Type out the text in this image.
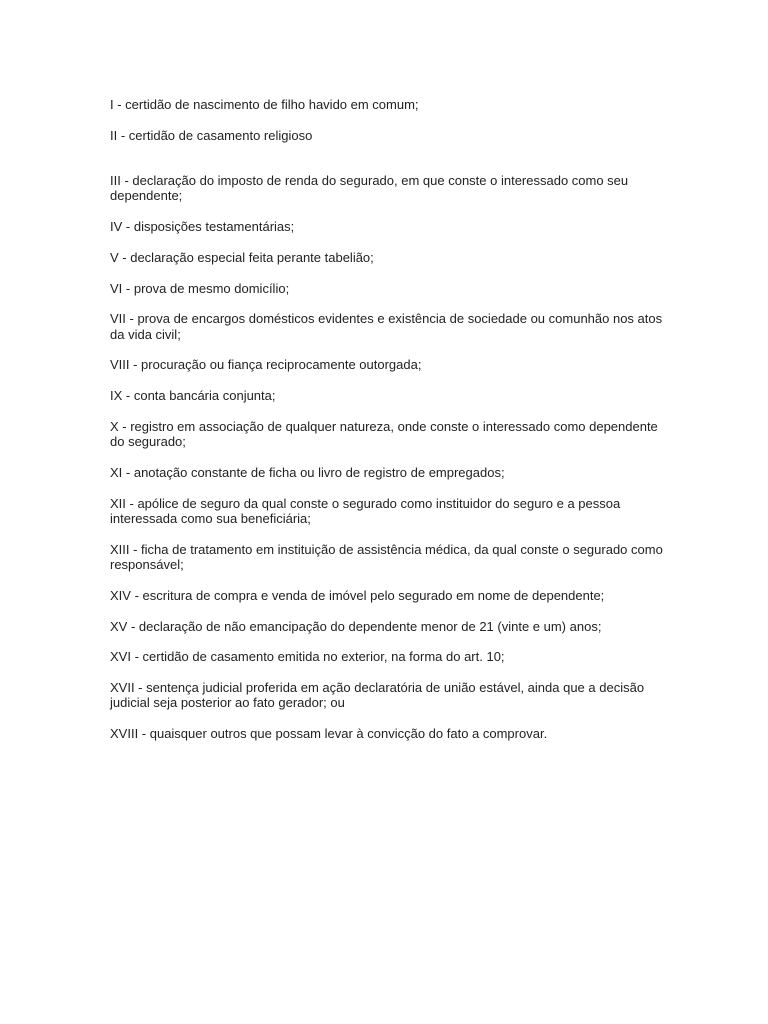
I - certidão de nascimento de filho havido em comum;

II - certidão de casamento religioso

III - declaração do imposto de renda do segurado, em que conste o interessado como seu dependente;

IV - disposições testamentárias;

V - declaração especial feita perante tabelião;

VI - prova de mesmo domicílio;

VII - prova de encargos domésticos evidentes e existência de sociedade ou comunhão nos atos da vida civil;

VIII - procuração ou fiança reciprocamente outorgada;

IX - conta bancária conjunta;

X - registro em associação de qualquer natureza, onde conste o interessado como dependente do segurado;

XI - anotação constante de ficha ou livro de registro de empregados;

XII - apólice de seguro da qual conste o segurado como instituidor do seguro e a pessoa interessada como sua beneficiária;

XIII - ficha de tratamento em instituição de assistência médica, da qual conste o segurado como responsável;

XIV - escritura de compra e venda de imóvel pelo segurado em nome de dependente;

XV - declaração de não emancipação do dependente menor de 21 (vinte e um) anos;

XVI - certidão de casamento emitida no exterior, na forma do art. 10;

XVII - sentença judicial proferida em ação declaratória de união estável, ainda que a decisão judicial seja posterior ao fato gerador; ou

XVIII - quaisquer outros que possam levar à convicção do fato a comprovar.
